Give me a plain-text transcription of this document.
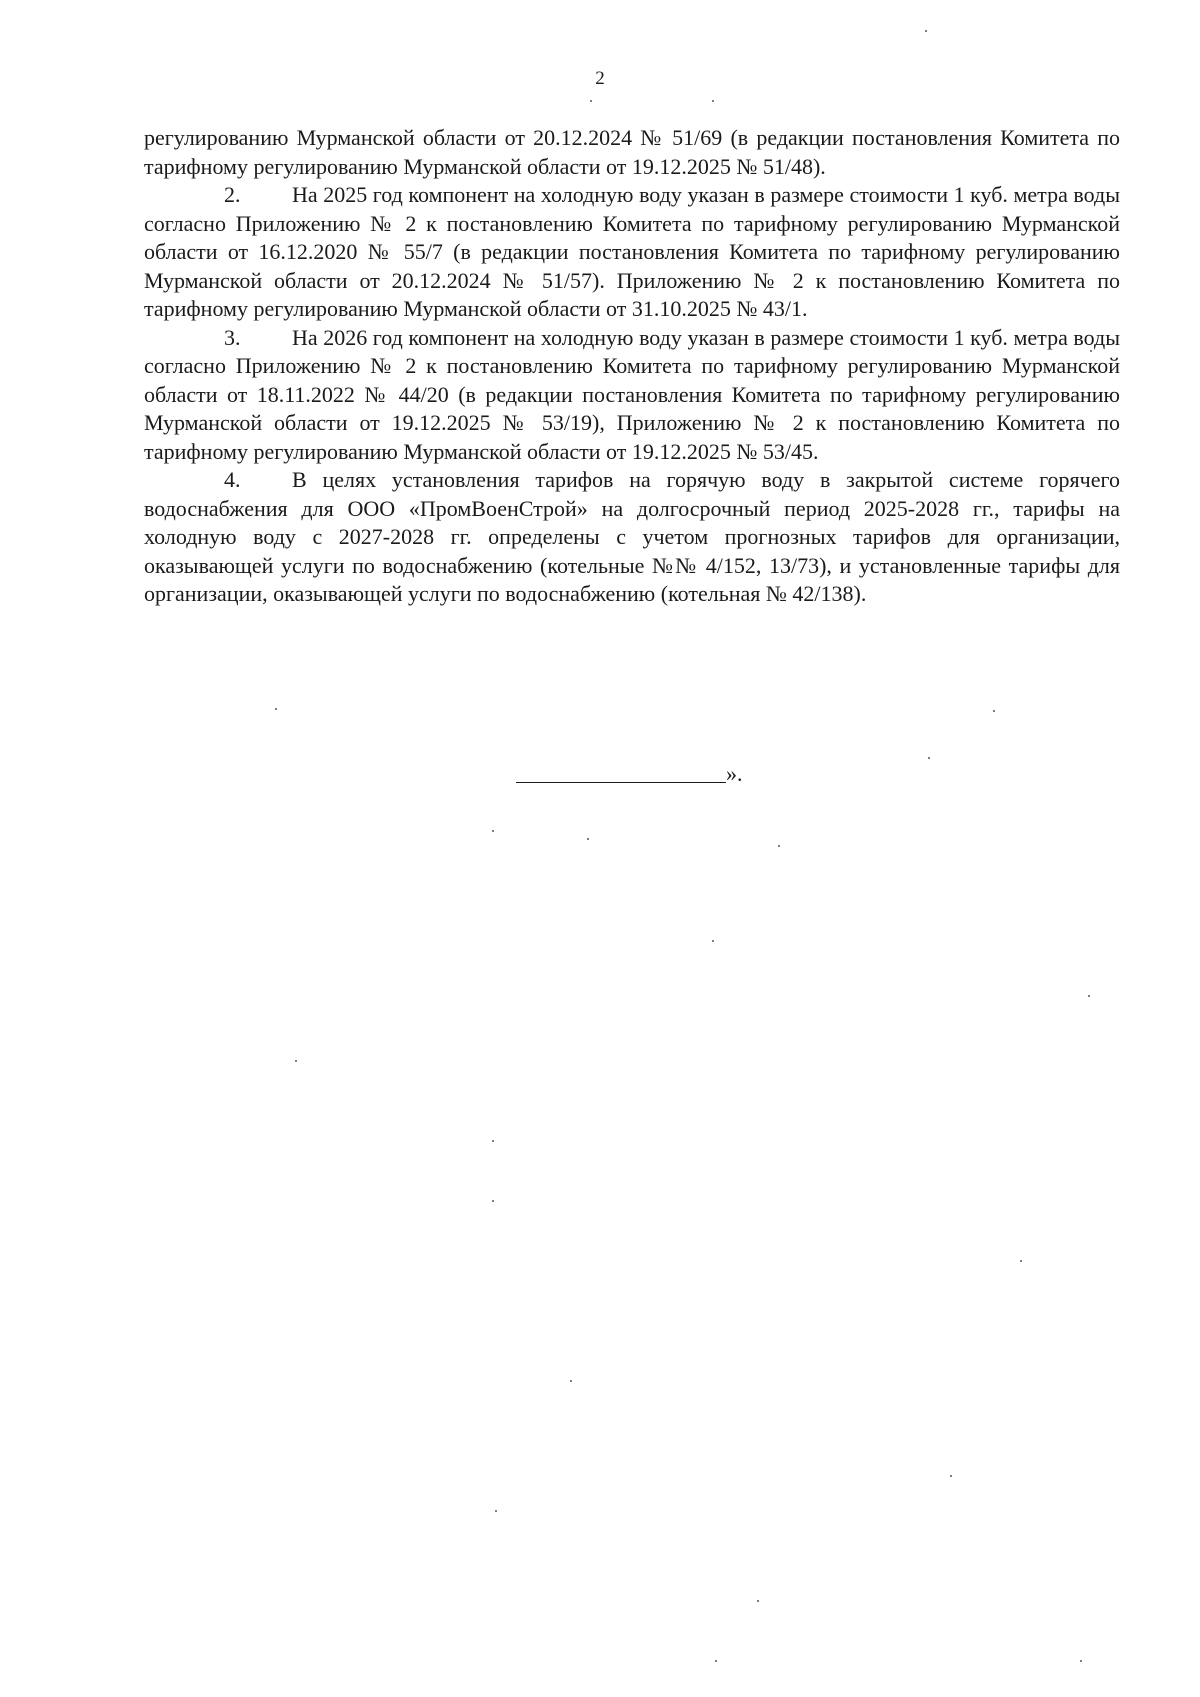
2

регулированию Мурманской области от 20.12.2024 № 51/69 (в редакции постановления Комитета по тарифному регулированию Мурманской области от 19.12.2025 № 51/48).

2. На 2025 год компонент на холодную воду указан в размере стоимости 1 куб. метра воды согласно Приложению № 2 к постановлению Комитета по тарифному регулированию Мурманской области от 16.12.2020 № 55/7 (в редакции постановления Комитета по тарифному регулированию Мурманской области от 20.12.2024 № 51/57). Приложению № 2 к постановлению Комитета по тарифному регулированию Мурманской области от 31.10.2025 № 43/1.

3. На 2026 год компонент на холодную воду указан в размере стоимости 1 куб. метра воды согласно Приложению № 2 к постановлению Комитета по тарифному регулированию Мурманской области от 18.11.2022 № 44/20 (в редакции постановления Комитета по тарифному регулированию Мурманской области от 19.12.2025 № 53/19), Приложению № 2 к постановлению Комитета по тарифному регулированию Мурманской области от 19.12.2025 № 53/45.

4. В целях установления тарифов на горячую воду в закрытой системе горячего водоснабжения для ООО «ПромВоенСтрой» на долгосрочный период 2025-2028 гг., тарифы на холодную воду с 2027-2028 гг. определены с учетом прогнозных тарифов для организации, оказывающей услуги по водоснабжению (котельные №№ 4/152, 13/73), и установленные тарифы для организации, оказывающей услуги по водоснабжению (котельная № 42/138).

».
